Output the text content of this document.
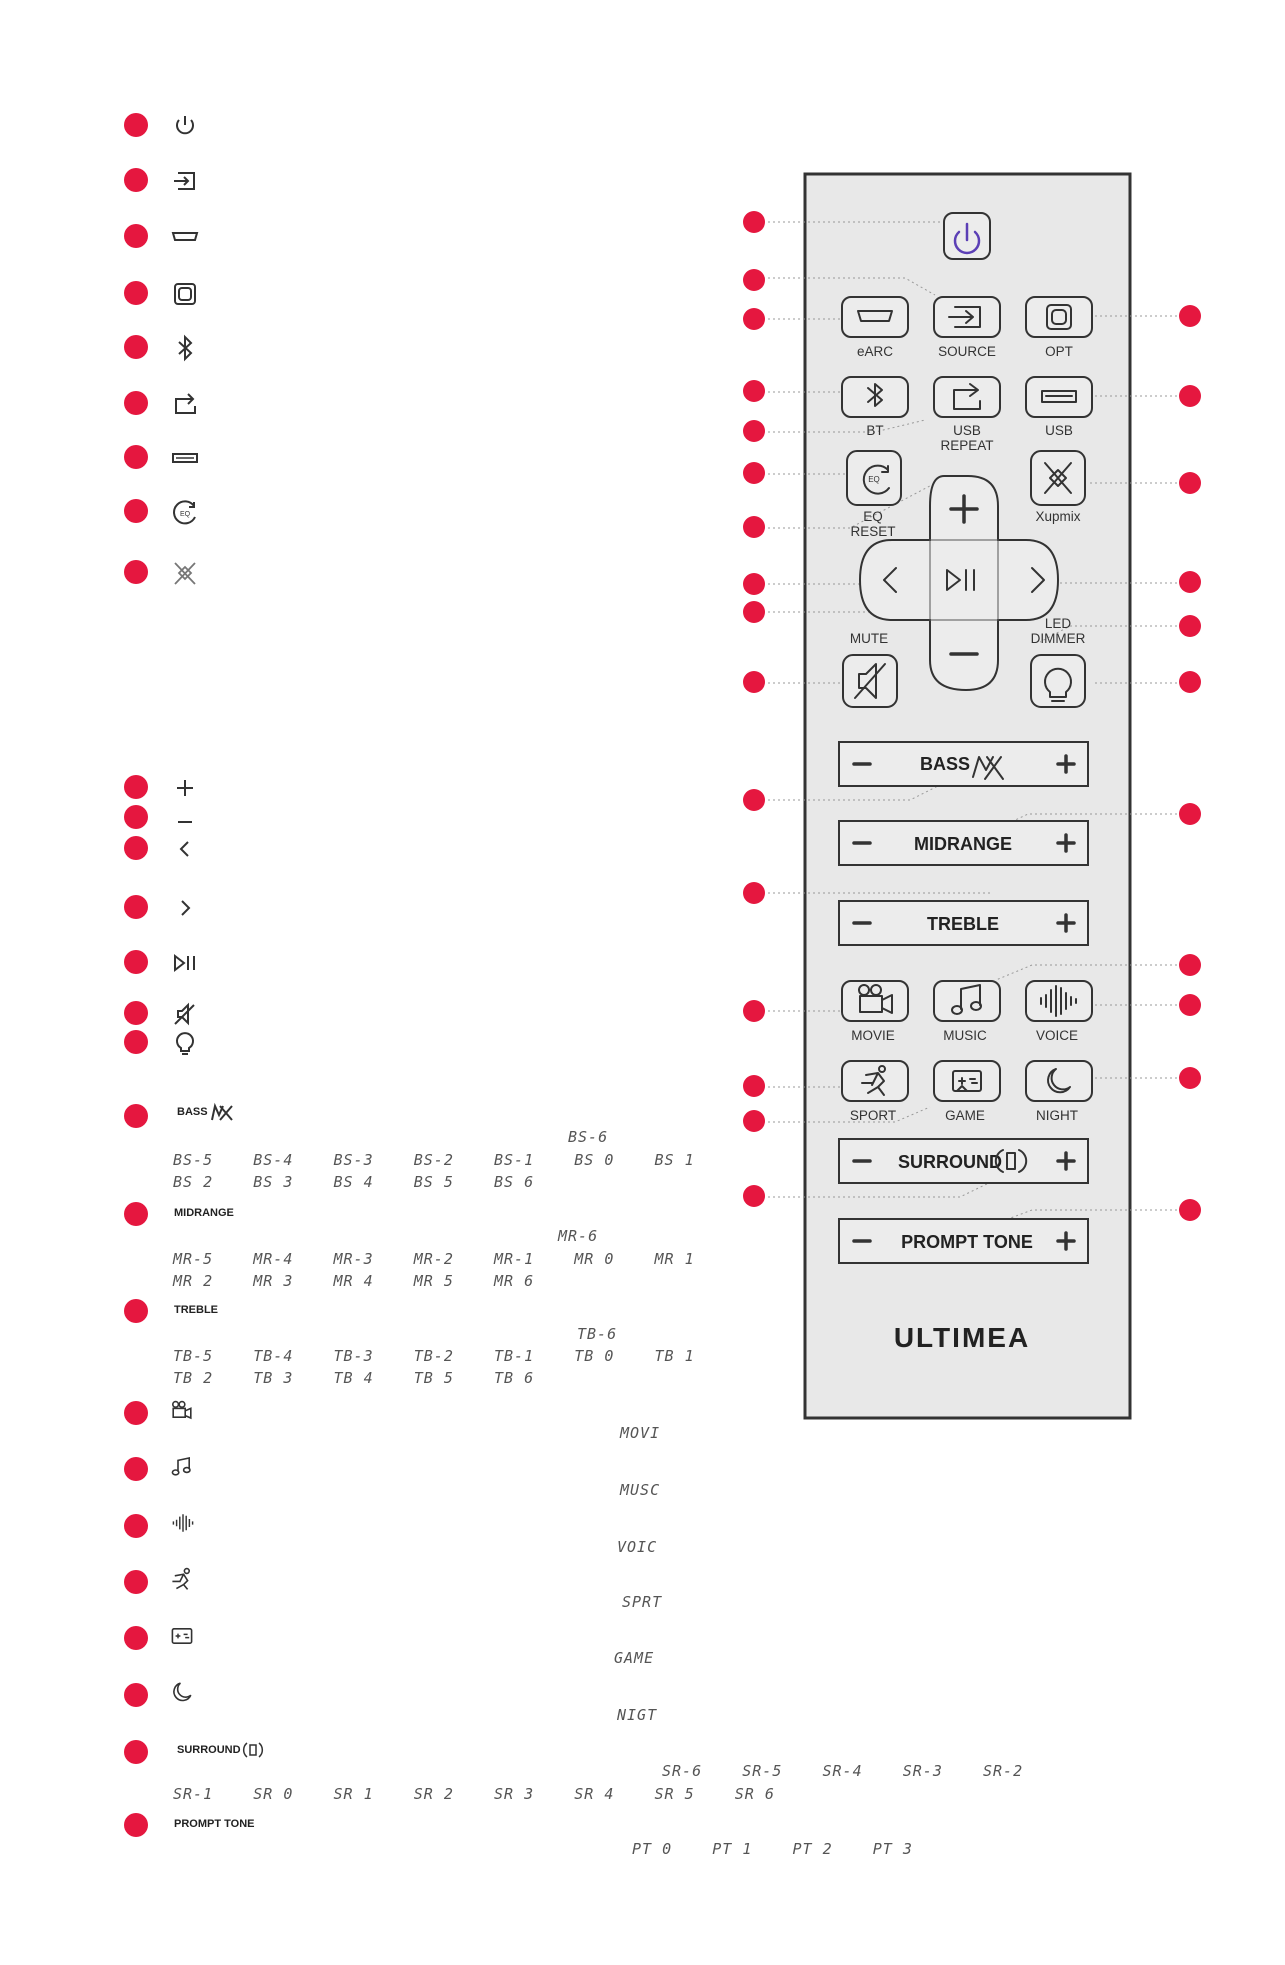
eARC	SOURCE	OPT
BT	USB
REPEAT
USB
EQ
EQ
RESET
Xupmix
MUTE
LED
DIMMER
BASS
MIDRANGE
TREBLE
MOVIE	MUSIC	VOICE
SPORT	GAME	NIGHT
SURROUND
PROMPT TONE
ULTIMEA
EQ
BASS
BS-6
BS-5    BS-4    BS-3    BS-2    BS-1    BS 0    BS 1
BS 2    BS 3    BS 4    BS 5    BS 6
MIDRANGE
MR-6
MR-5    MR-4    MR-3    MR-2    MR-1    MR 0    MR 1
MR 2    MR 3    MR 4    MR 5    MR 6
TREBLE
TB-6
TB-5    TB-4    TB-3    TB-2    TB-1    TB 0    TB 1
TB 2    TB 3    TB 4    TB 5    TB 6
MOVI
MUSC
VOIC
SPRT
GAME
NIGT
SURROUND
SR-6    SR-5    SR-4    SR-3    SR-2
SR-1    SR 0    SR 1    SR 2    SR 3    SR 4    SR 5    SR 6
PROMPT TONE
PT 0    PT 1    PT 2    PT 3
